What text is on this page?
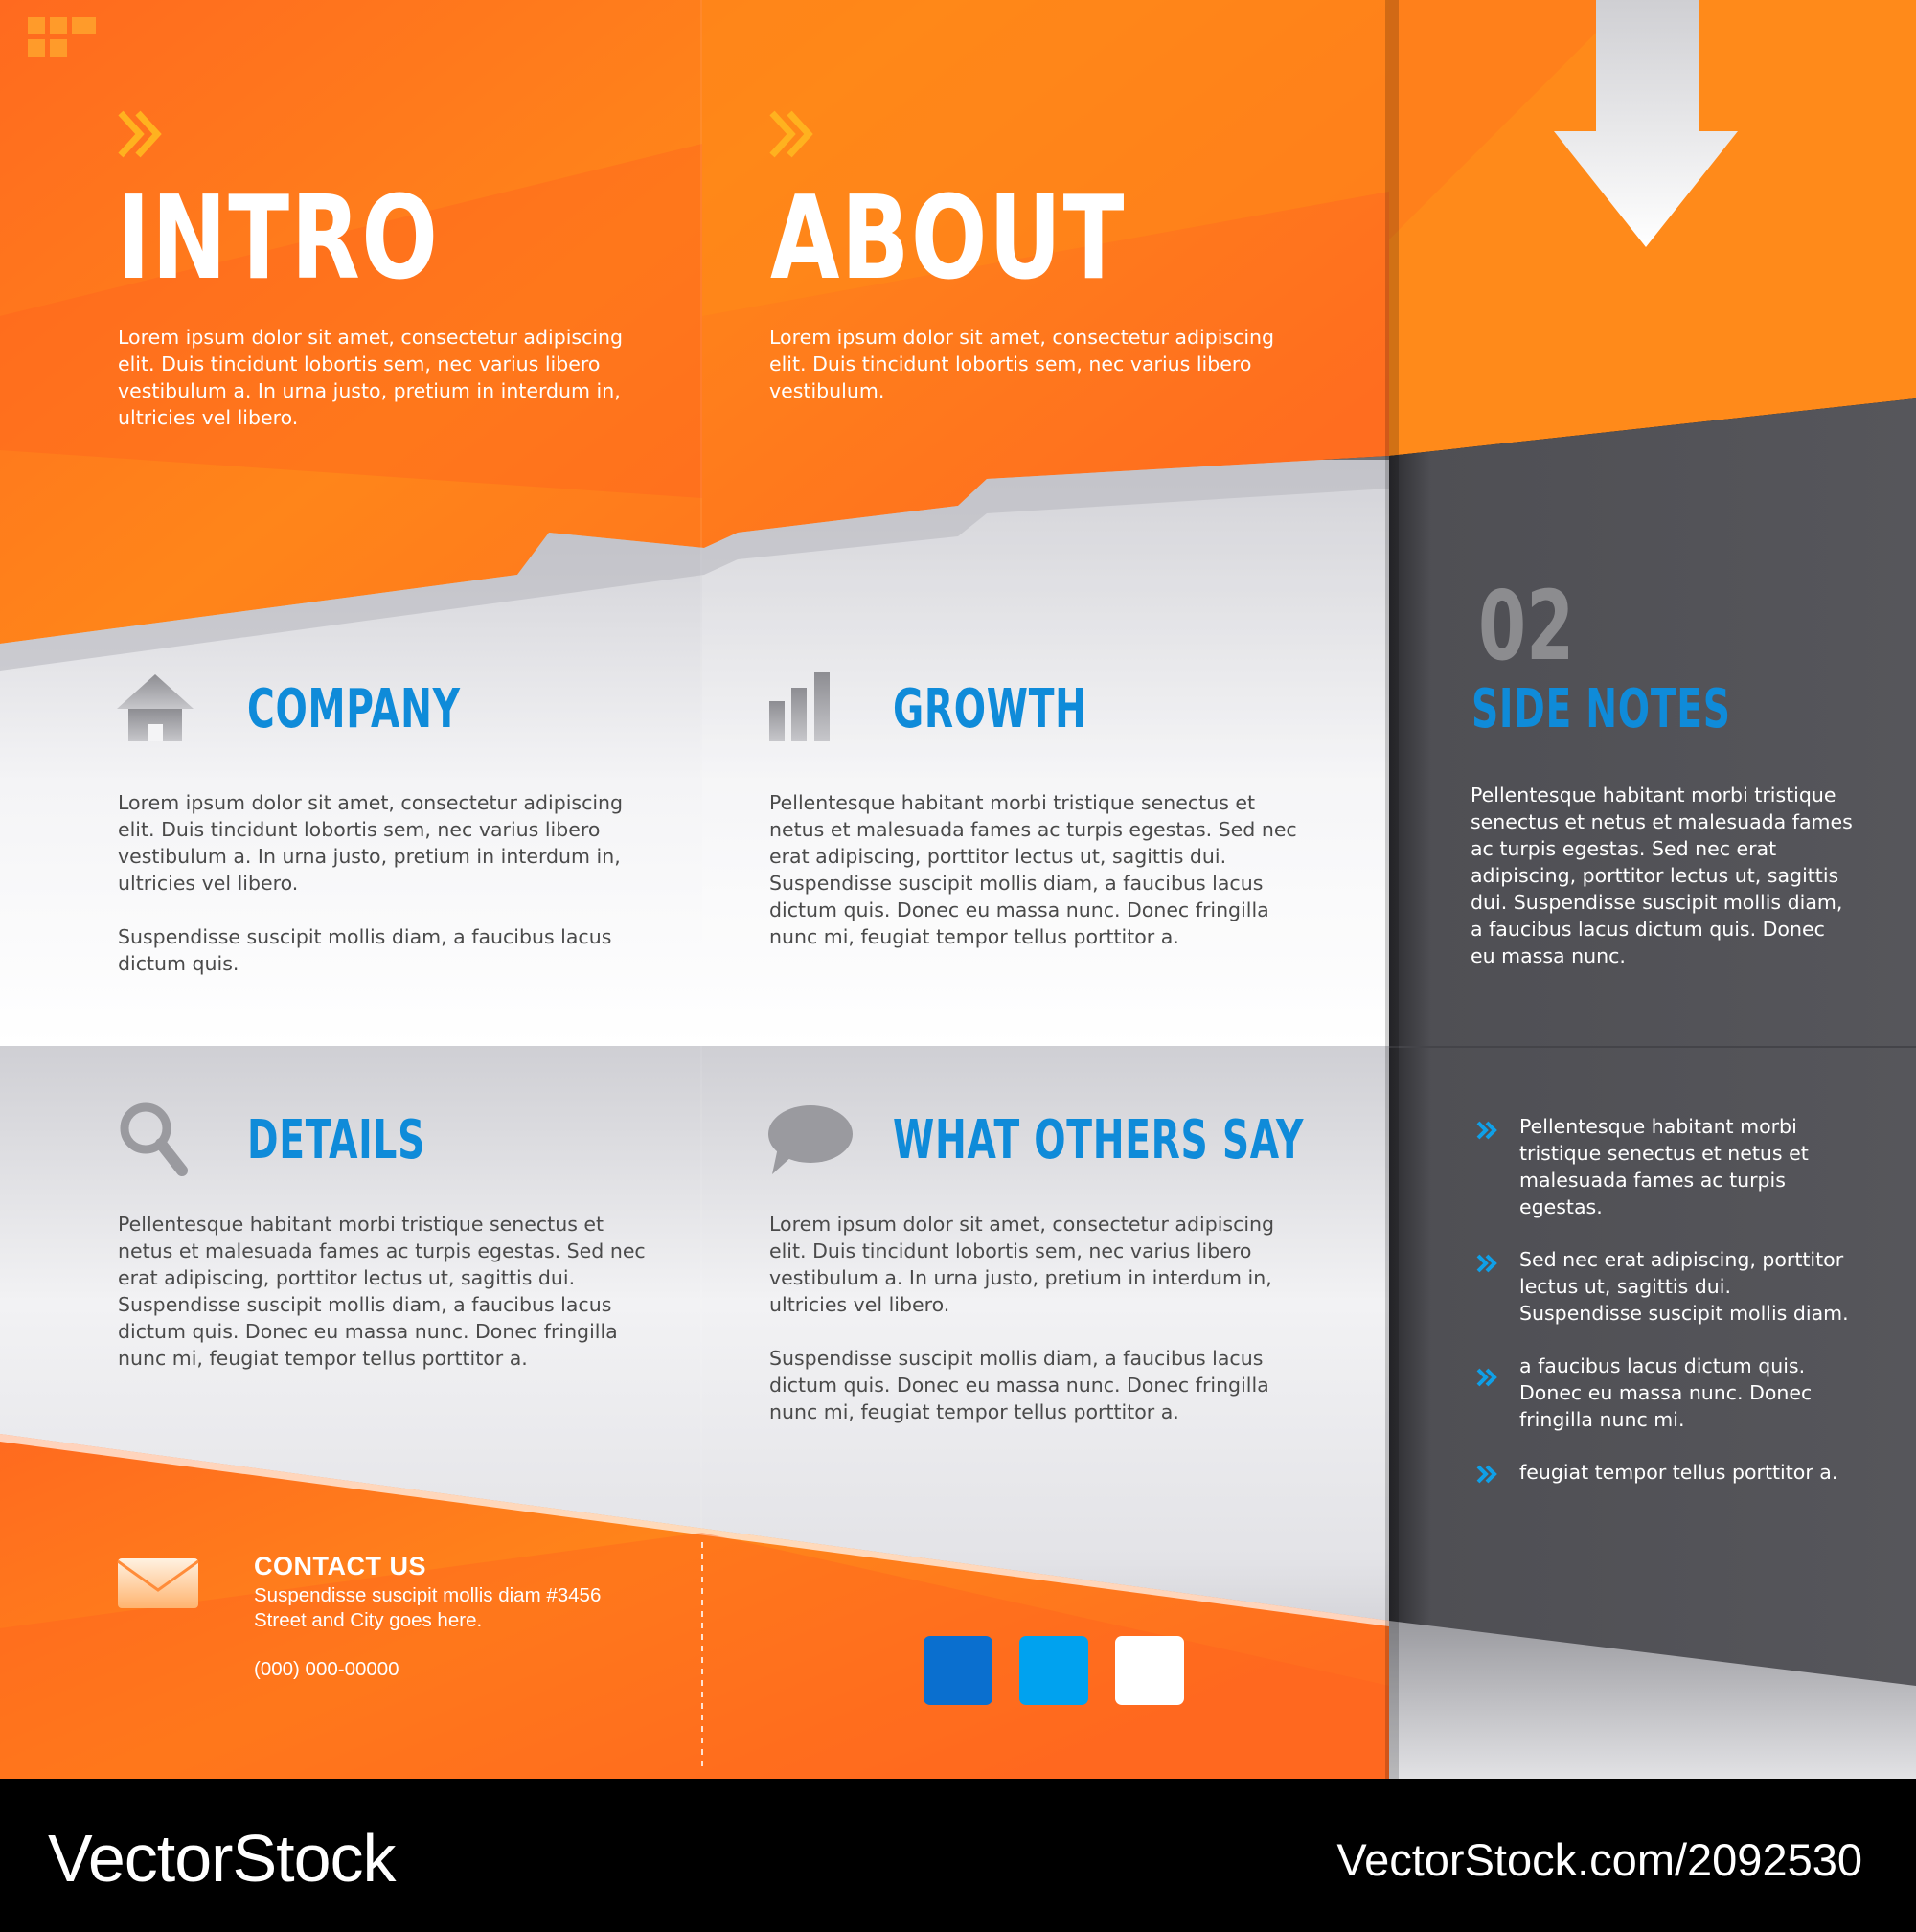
INTRO
Lorem ipsum dolor sit amet, consectetur adipiscing
elit. Duis tincidunt lobortis sem, nec varius libero
vestibulum a. In urna justo, pretium in interdum in,
ultricies vel libero.
ABOUT
Lorem ipsum dolor sit amet, consectetur adipiscing
elit. Duis tincidunt lobortis sem, nec varius libero
vestibulum.
COMPANY
Lorem ipsum dolor sit amet, consectetur adipiscing
elit. Duis tincidunt lobortis sem, nec varius libero
vestibulum a. In urna justo, pretium in interdum in,
ultricies vel libero.

Suspendisse suscipit mollis diam, a faucibus lacus
dictum quis.
GROWTH
Pellentesque habitant morbi tristique senectus et
netus et malesuada fames ac turpis egestas. Sed nec
erat adipiscing, porttitor lectus ut, sagittis dui.
Suspendisse suscipit mollis diam, a faucibus lacus
dictum quis. Donec eu massa nunc. Donec fringilla
nunc mi, feugiat tempor tellus porttitor a.
DETAILS
Pellentesque habitant morbi tristique senectus et
netus et malesuada fames ac turpis egestas. Sed nec
erat adipiscing, porttitor lectus ut, sagittis dui.
Suspendisse suscipit mollis diam, a faucibus lacus
dictum quis. Donec eu massa nunc. Donec fringilla
nunc mi, feugiat tempor tellus porttitor a.
WHAT OTHERS SAY
Lorem ipsum dolor sit amet, consectetur adipiscing
elit. Duis tincidunt lobortis sem, nec varius libero
vestibulum a. In urna justo, pretium in interdum in,
ultricies vel libero.

Suspendisse suscipit mollis diam, a faucibus lacus
dictum quis. Donec eu massa nunc. Donec fringilla
nunc mi, feugiat tempor tellus porttitor a.
02
SIDE NOTES
Pellentesque habitant morbi tristique
senectus et netus et malesuada fames
ac turpis egestas. Sed nec erat
adipiscing, porttitor lectus ut, sagittis
dui. Suspendisse suscipit mollis diam,
a faucibus lacus dictum quis. Donec
eu massa nunc.
Pellentesque habitant morbi
tristique senectus et netus et
malesuada fames ac turpis
egestas.
Sed nec erat adipiscing, porttitor
lectus ut, sagittis dui.
Suspendisse suscipit mollis diam.
a faucibus lacus dictum quis.
Donec eu massa nunc. Donec
fringilla nunc mi.
feugiat tempor tellus porttitor a.
CONTACT US
Suspendisse suscipit mollis diam #3456
Street and City goes here.
(000) 000-00000
VectorStock	VectorStock.com/2092530
